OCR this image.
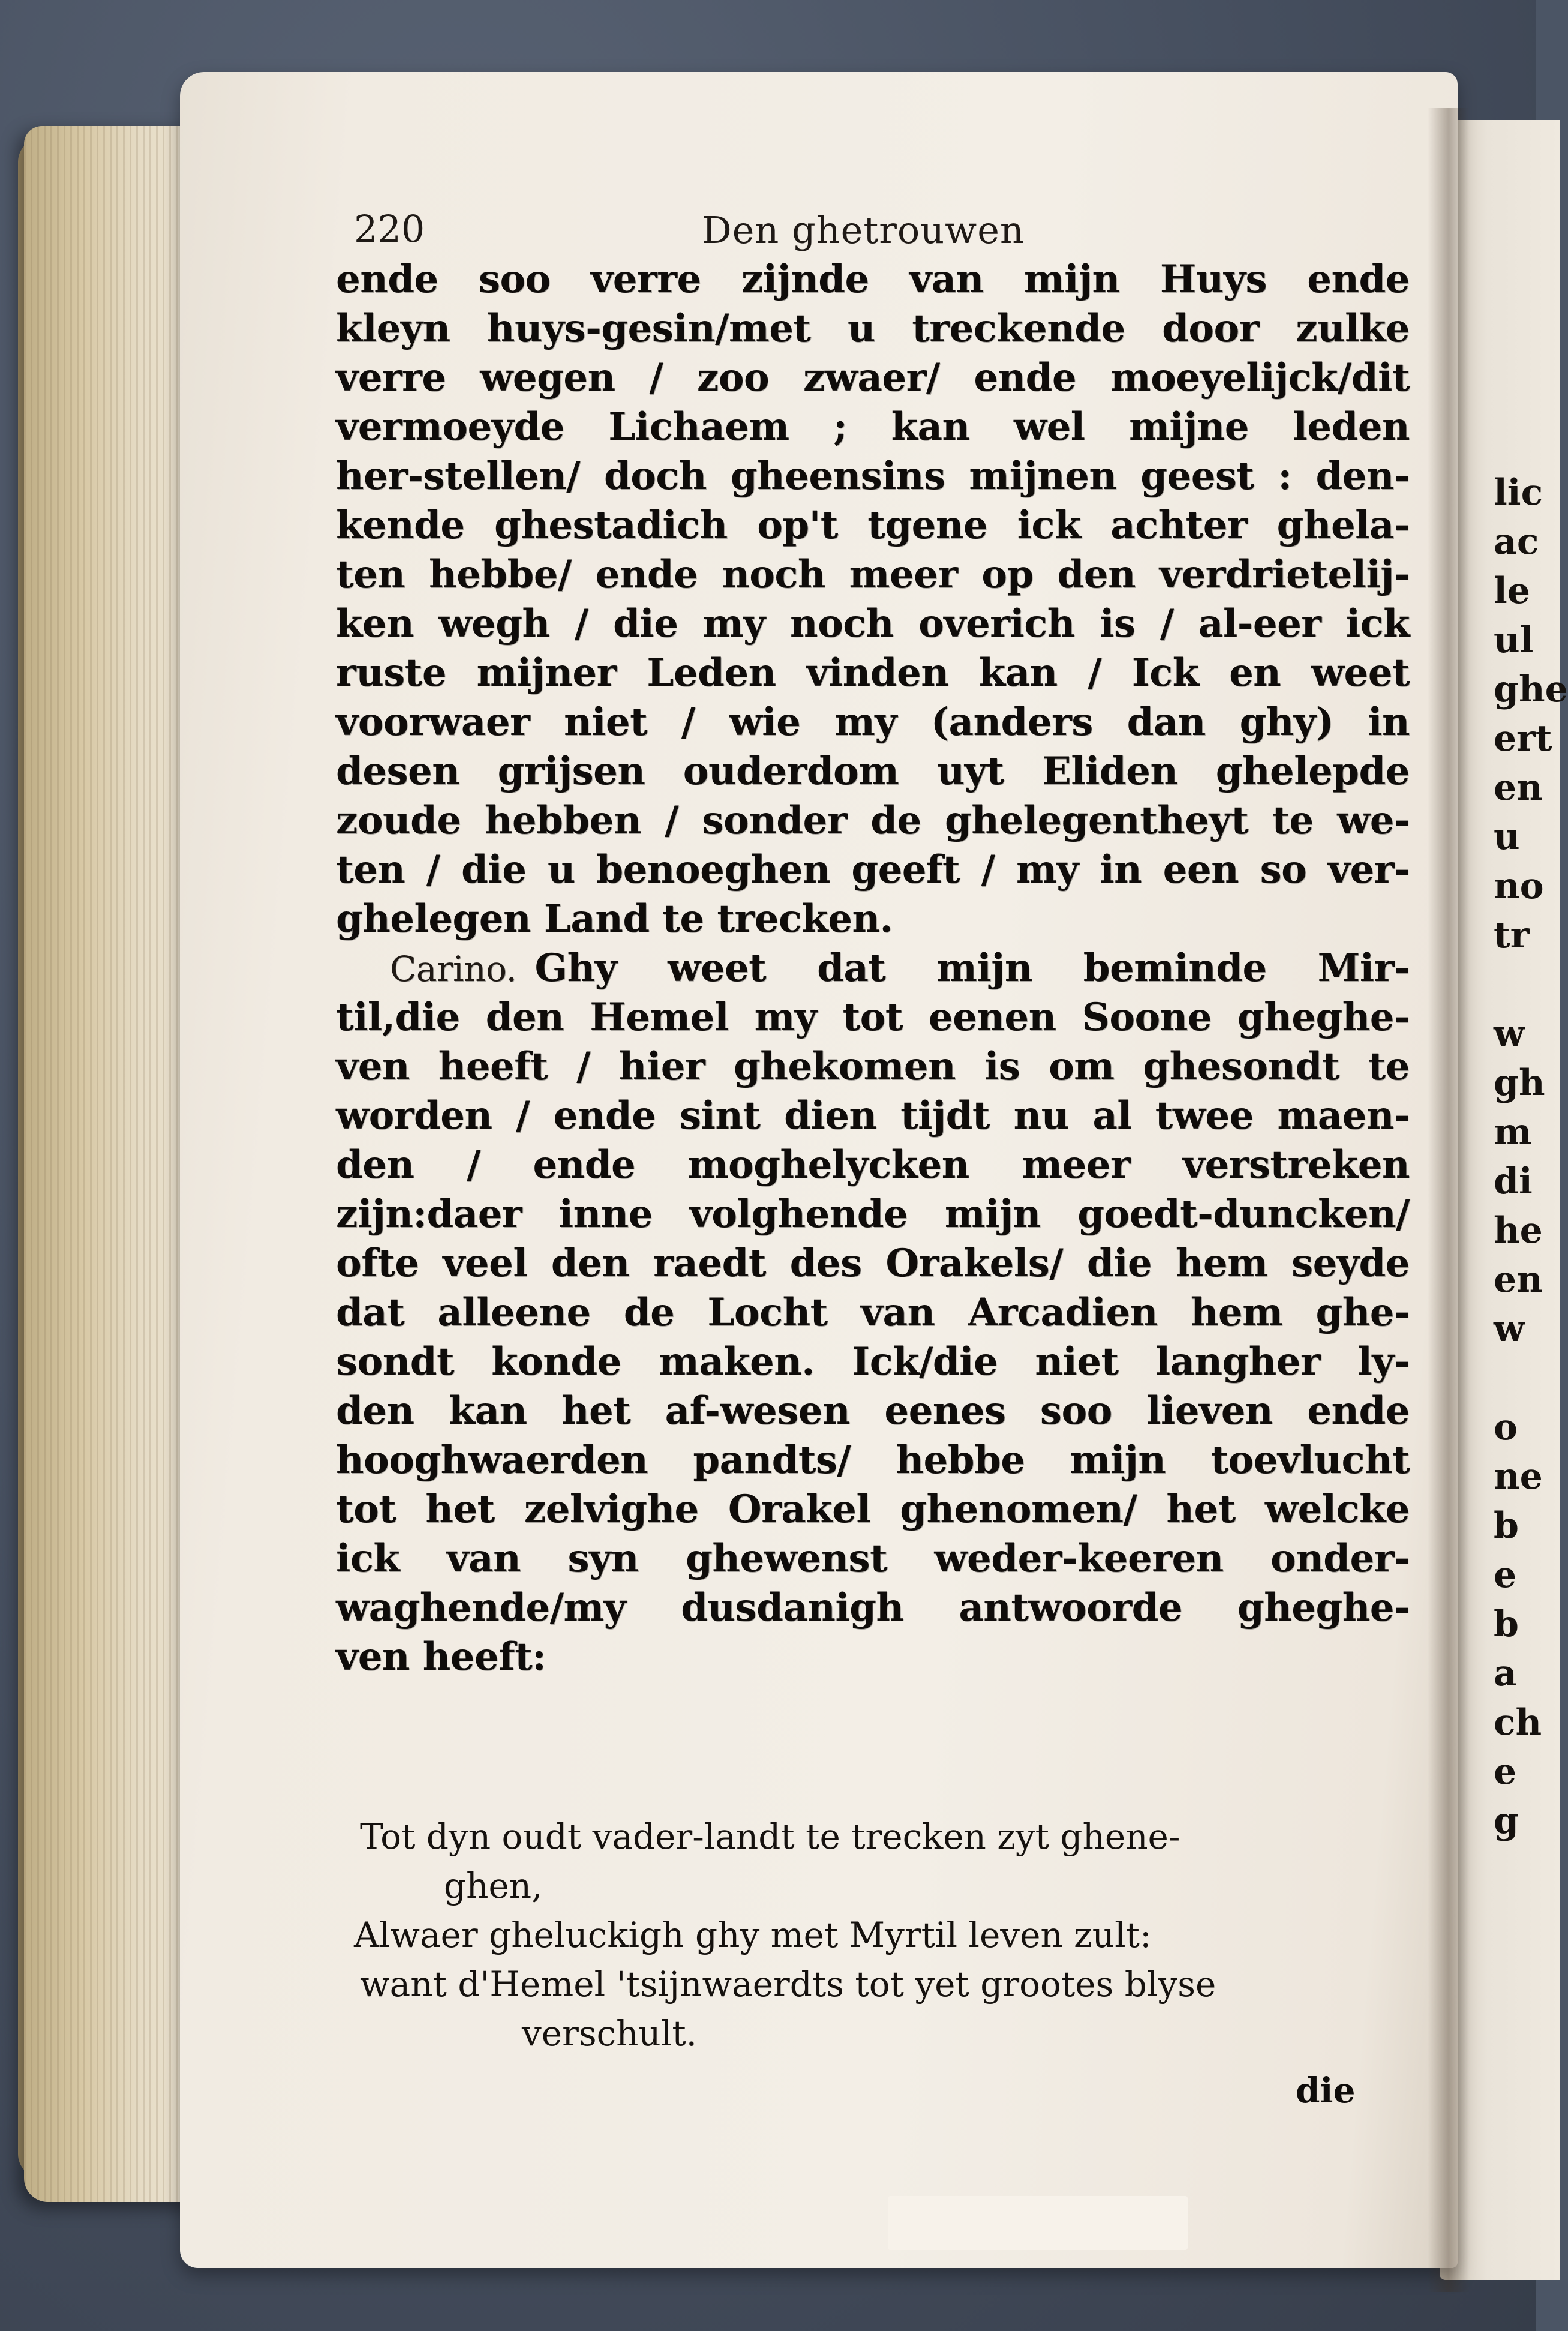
220	Den ghetrouwen
ende soo verre zijnde van mijn Huys ende
kleyn huys-gesin/met u treckende door zulke
verre wegen / zoo zwaer/ ende moeyelijck/dit
vermoeyde Lichaem ; kan wel mijne leden
her-stellen/ doch gheensins mijnen geest : den-
kende ghestadich op't tgene ick achter ghela-
ten hebbe/ ende noch meer op den verdrietelij-
ken wegh / die my noch overich is / al-eer ick
ruste mijner Leden vinden kan / Ick en weet
voorwaer niet / wie my (anders dan ghy) in
desen grijsen ouderdom uyt Eliden ghelepde
zoude hebben / sonder de ghelegentheyt te we-
ten / die u benoeghen geeft / my in een so ver-
ghelegen Land te trecken.
Carino. Ghy weet dat mijn beminde Mir-
til,die den Hemel my tot eenen Soone gheghe-
ven heeft / hier ghekomen is om ghesondt te
worden / ende sint dien tijdt nu al twee maen-
den / ende moghelycken meer verstreken
zijn:daer inne volghende mijn goedt-duncken/
ofte veel den raedt des Orakels/ die hem seyde
dat alleene de Locht van Arcadien hem ghe-
sondt konde maken. Ick/die niet langher ly-
den kan het af-wesen eenes soo lieven ende
hooghwaerden pandts/ hebbe mijn toevlucht
tot het zelvighe Orakel ghenomen/ het welcke
ick van syn ghewenst weder-keeren onder-
waghende/my dusdanigh antwoorde gheghe-
ven heeft:
Tot dyn oudt vader-landt te trecken zyt ghene-
ghen,
Alwaer gheluckigh ghy met Myrtil leven zult:
want d'Hemel 'tsijnwaerdts tot yet grootes blyse
verschult.
die
lic
ac
le
ul
ghe
ert
en
u
no
tr
w
gh
m
di
he
en
w
o
ne
b
e
b
a
ch
e
g
